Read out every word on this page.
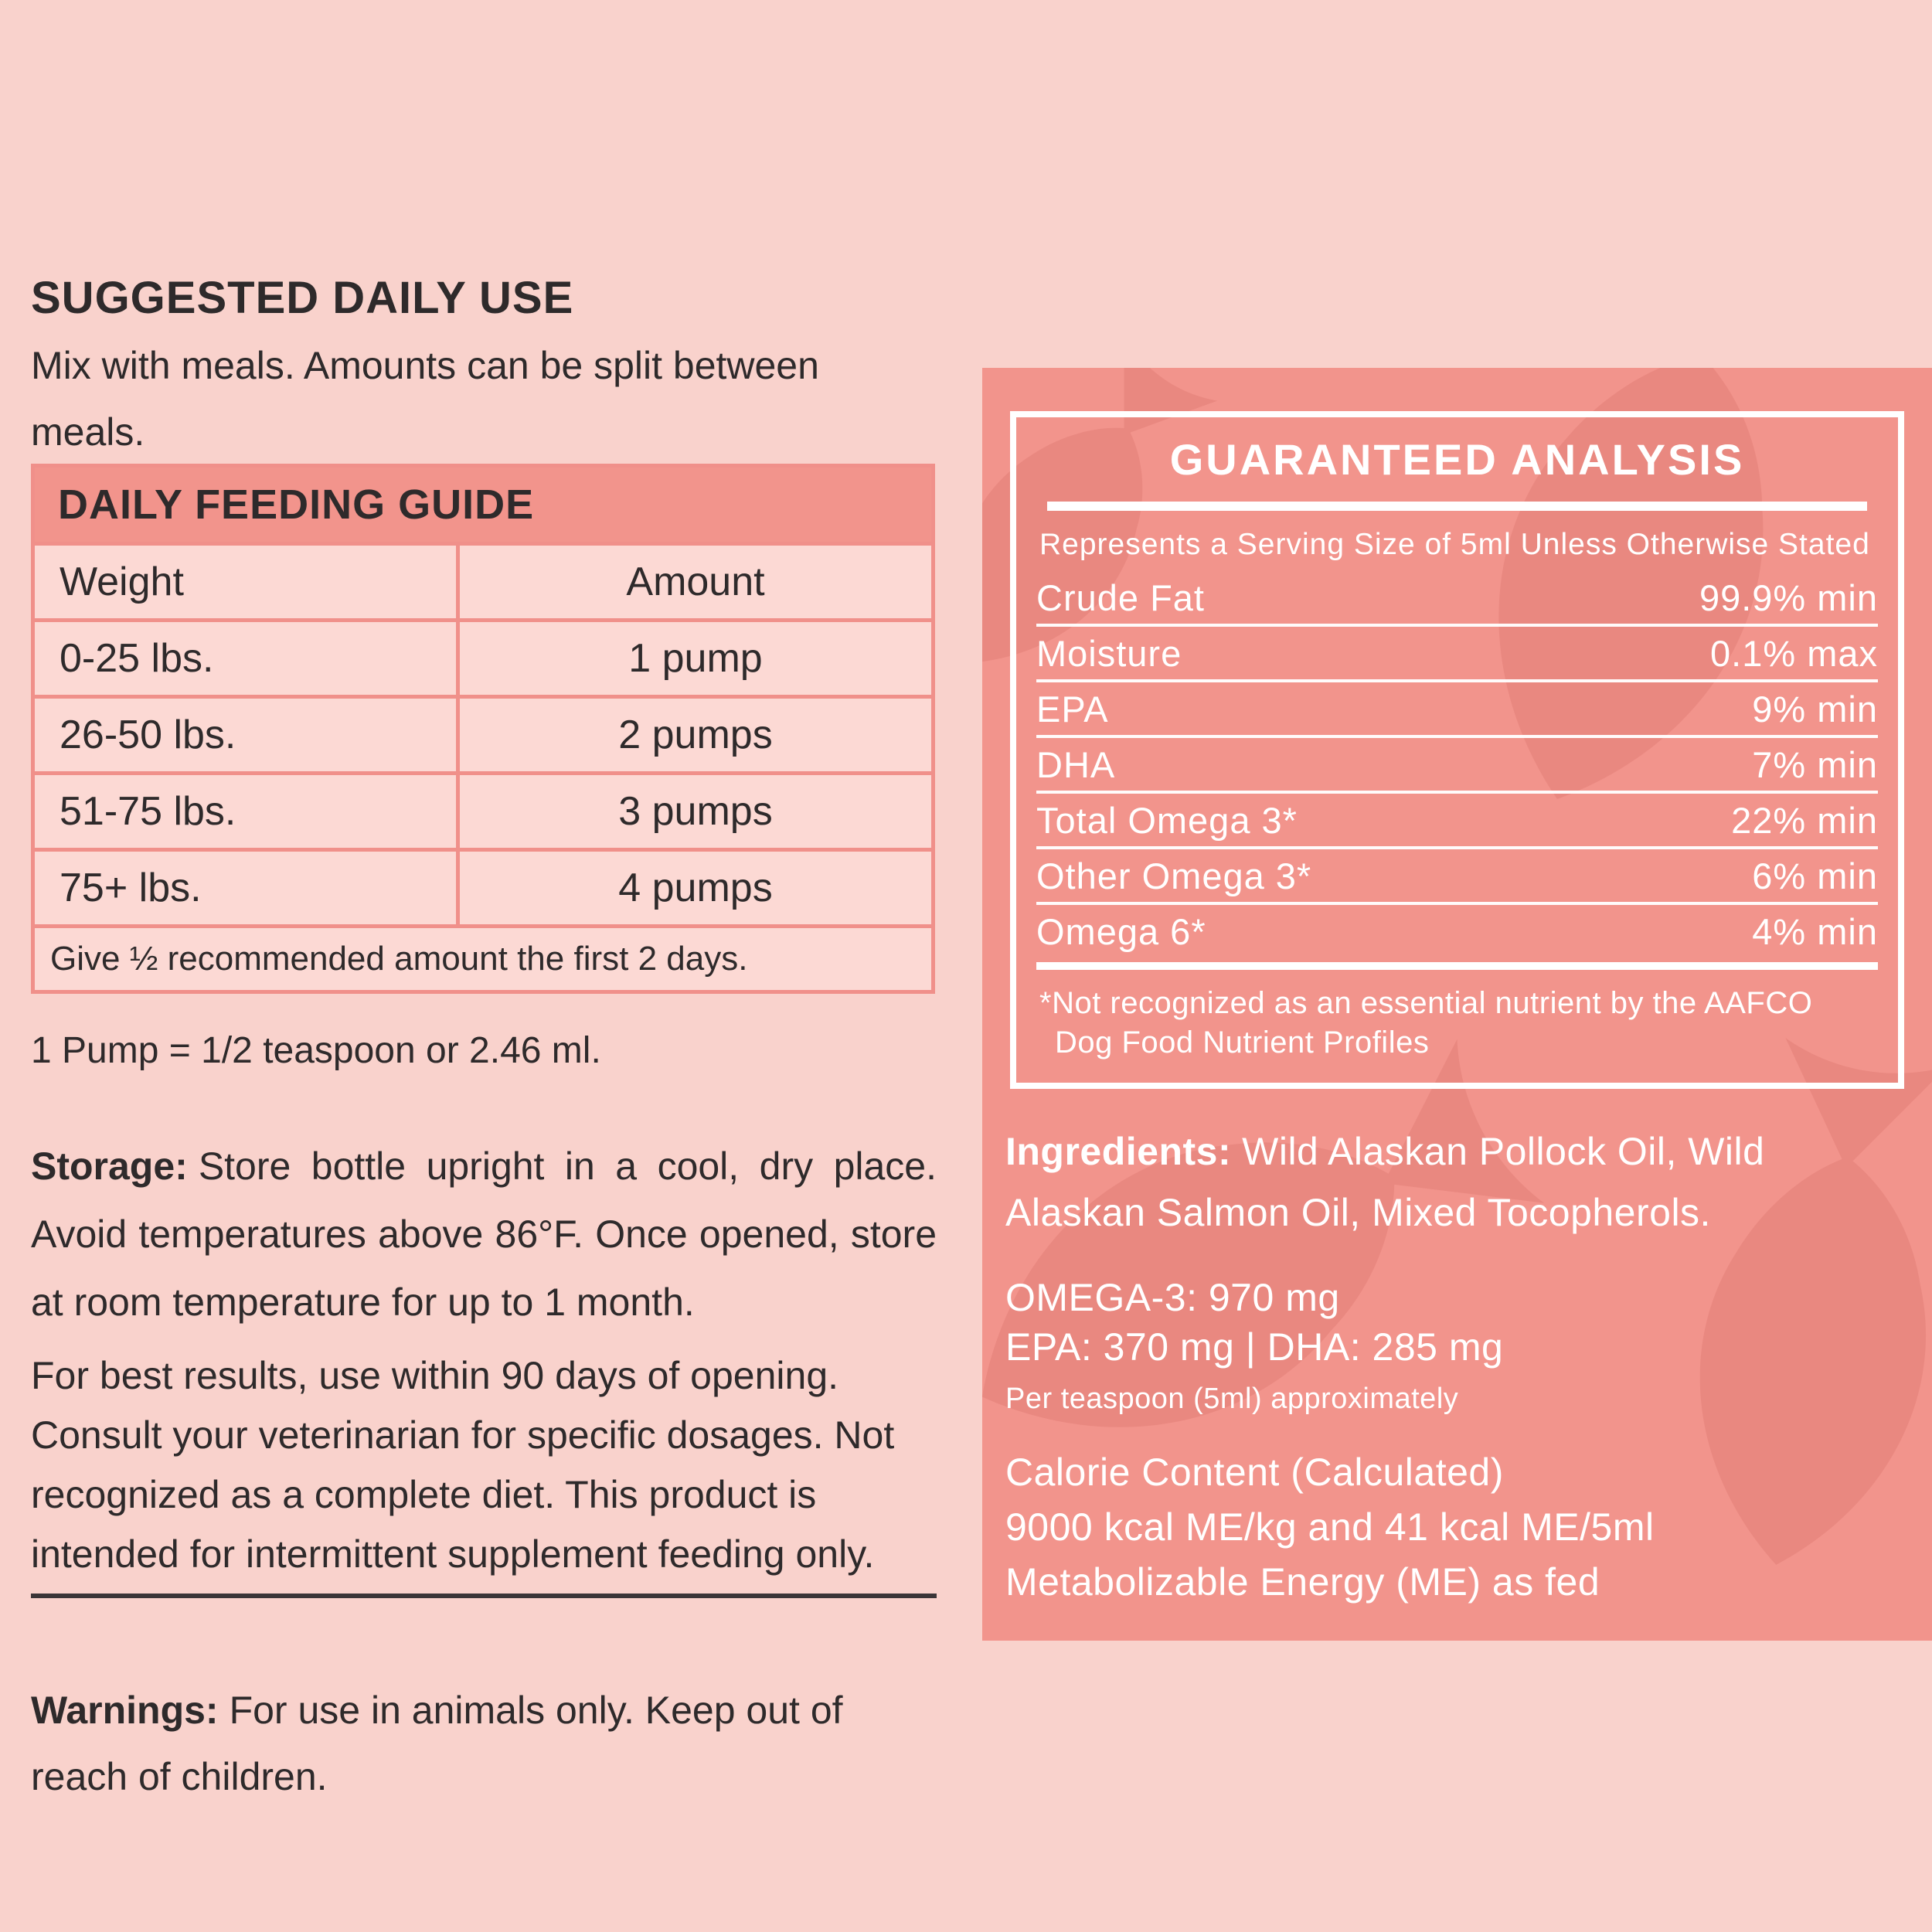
SUGGESTED DAILY USE
Mix with meals. Amounts can be split between meals.
DAILY FEEDING GUIDE
Weight	Amount
0-25 lbs.	1 pump
26-50 lbs.	2 pumps
51-75 lbs.	3 pumps
75+ lbs.	4 pumps
Give ½ recommended amount the first 2 days.
1 Pump = 1/2 teaspoon or 2.46 ml.

Storage: Store bottle upright in a cool, dry place. Avoid temperatures above 86°F. Once opened, store at room temperature for up to 1 month.

For best results, use within 90 days of opening. Consult your veterinarian for specific dosages. Not recognized as a complete diet. This product is intended for intermittent supplement feeding only.

Warnings: For use in animals only. Keep out of reach of children.

GUARANTEED ANALYSIS
Represents a Serving Size of 5ml Unless Otherwise Stated
Crude Fat	99.9% min
Moisture	0.1% max
EPA	9% min
DHA	7% min
Total Omega 3*	22% min
Other Omega 3*	6% min
Omega 6*	4% min
*Not recognized as an essential nutrient by the AAFCO Dog Food Nutrient Profiles

Ingredients: Wild Alaskan Pollock Oil, Wild Alaskan Salmon Oil, Mixed Tocopherols.

OMEGA-3: 970 mg
EPA: 370 mg | DHA: 285 mg
Per teaspoon (5ml) approximately
Calorie Content (Calculated)
9000 kcal ME/kg and 41 kcal ME/5ml
Metabolizable Energy (ME) as fed
